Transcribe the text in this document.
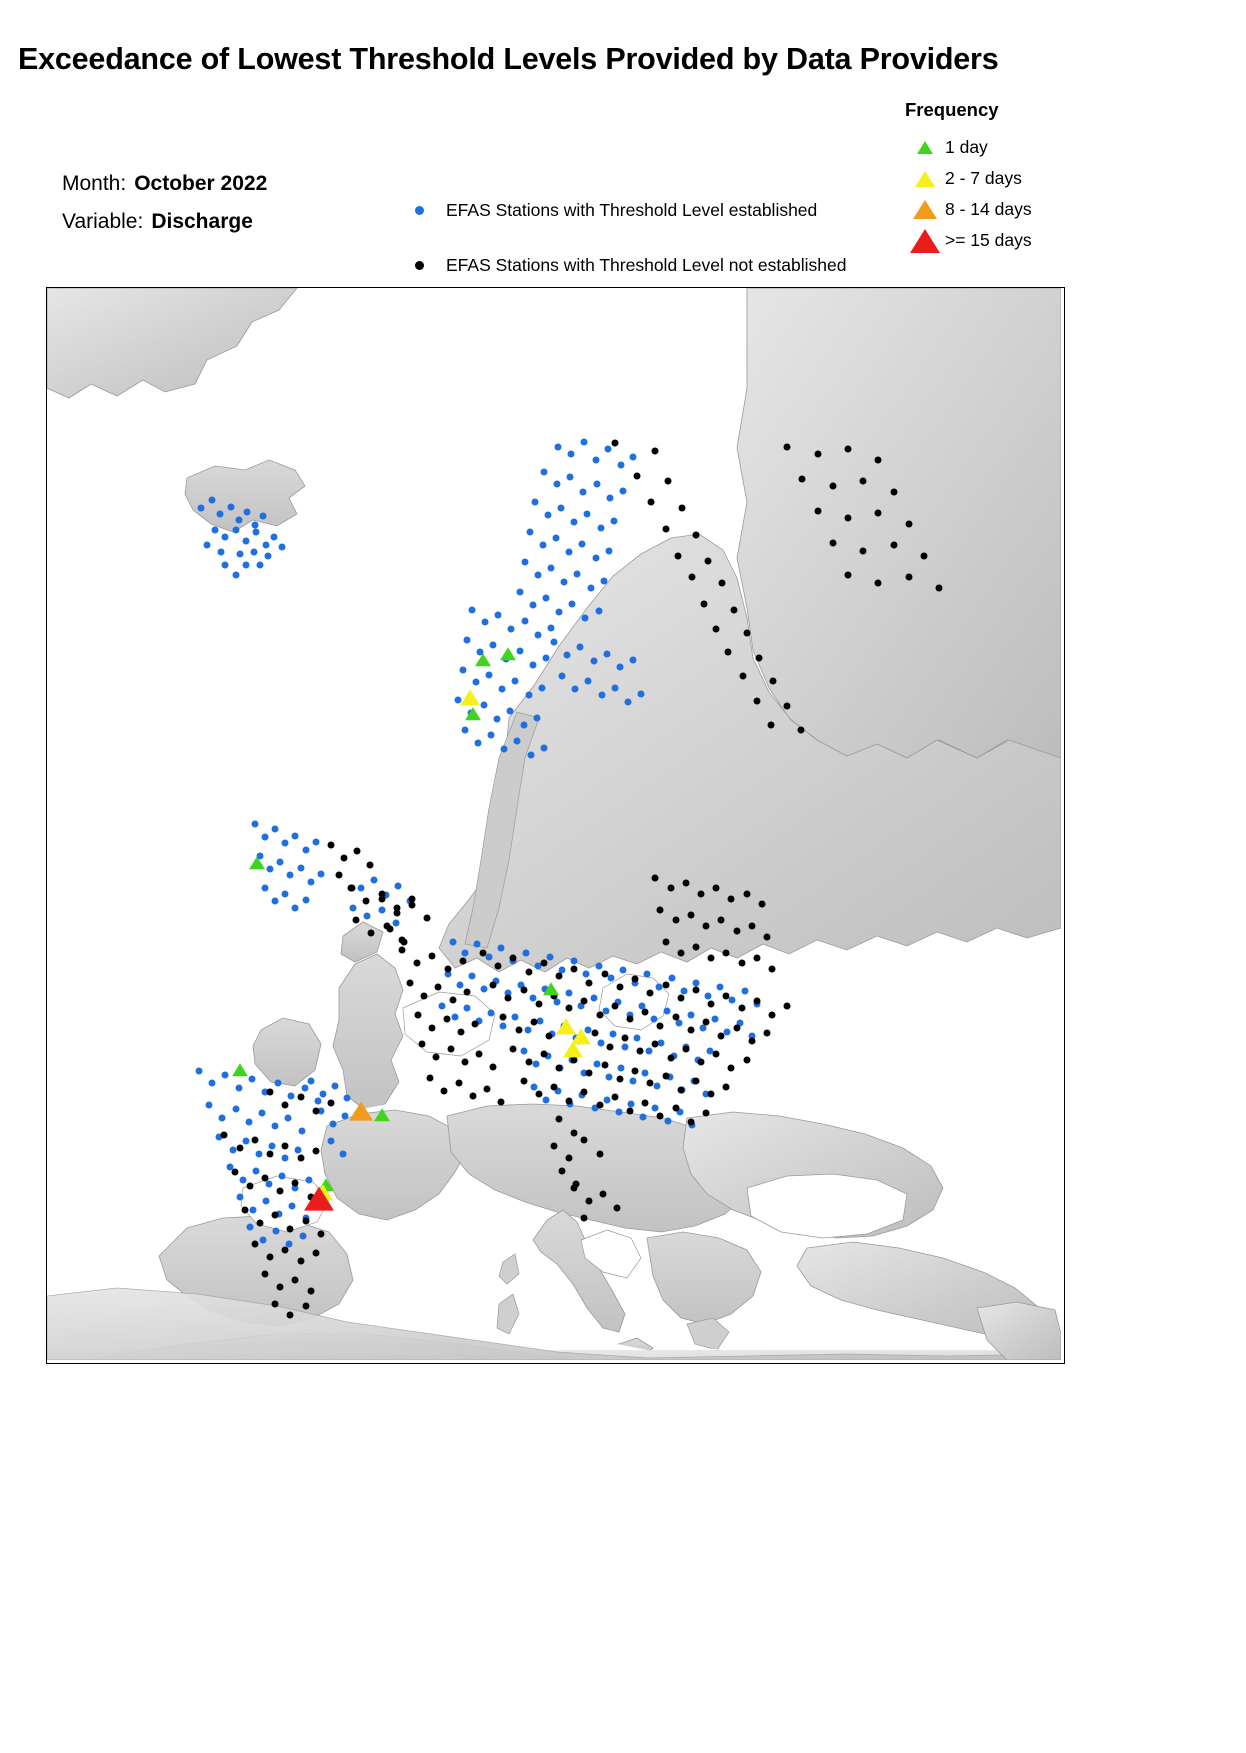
Exceedance of Lowest Threshold Levels Provided by Data Providers
Month: October 2022
Variable: Discharge	EFAS Stations with Threshold Level established
EFAS Stations with Threshold Level not established
Frequency
1 day
2 - 7 days
8 - 14 days
>= 15 days
